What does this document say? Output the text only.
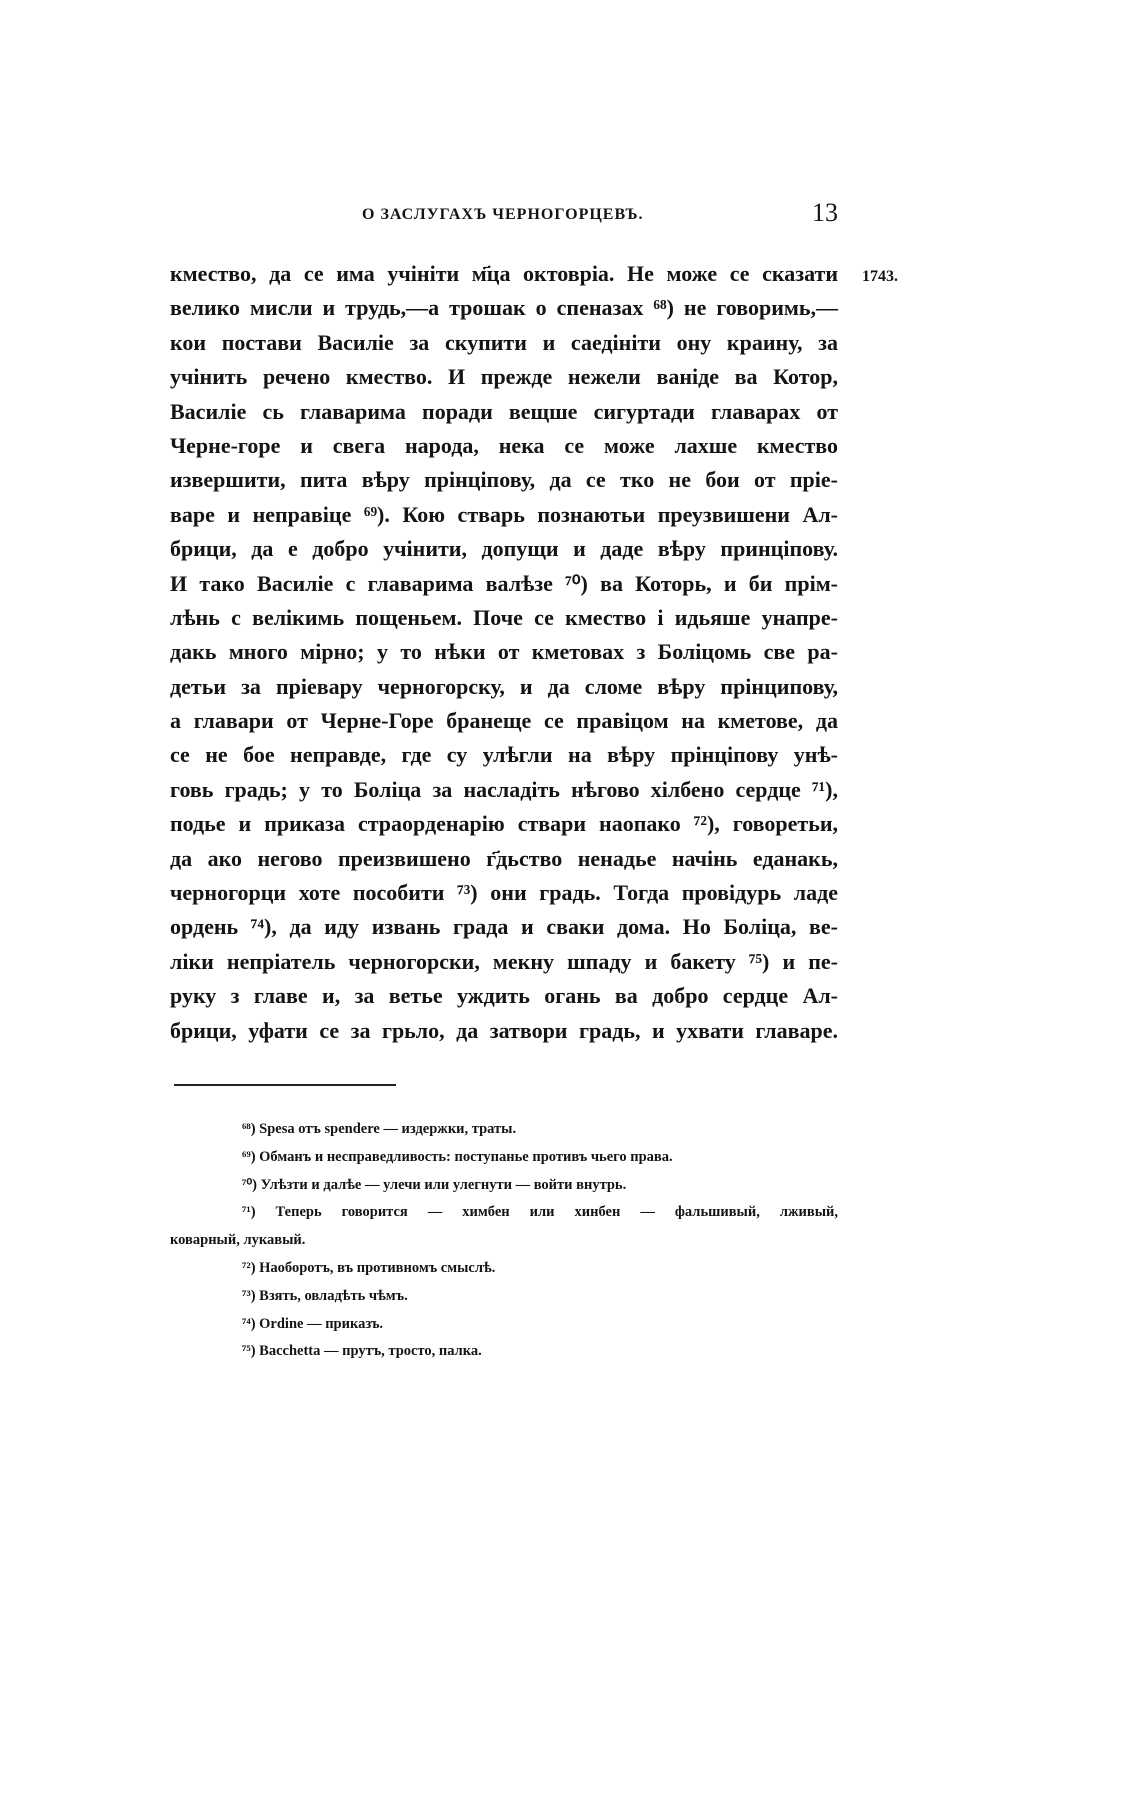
О ЗАСЛУГАХЪ ЧЕРНОГОРЦЕВЪ.	13
1743.
кмество, да се има учініти м҃ца октовріа. Не може се сказати
велико мисли и трудь,—а трошак о спеназах ⁶⁸) не говоримь,—
кои постави Василіе за скупити и саедініти ону краину, за
учінить речено кмество. И прежде нежели ваніде ва Котор,
Василіе сь главарима поради вещше сигуртади главарах от
Черне-горе и свега народа, нека се може лахше кмество
извершити, пита вѣру прінціпову, да се тко не бои от пріе-
варе и неправіце ⁶⁹). Кою стварь познаютьи преузвишени Ал-
брици, да е добро учінити, допущи и даде вѣру принціпову.
И тако Василіе с главарима валѣзе ⁷⁰) ва Которь, и би прім-
лѣнь с велікимь пощеньем. Поче се кмество і идьяше унапре-
дакь много мірно; у то нѣки от кметовах з Боліцомь све ра-
детьи за пріевару черногорску, и да сломе вѣру прінципову,
а главари от Черне-Горе бранеще се правіцом на кметове, да
се не бое неправде, где су улѣгли на вѣру прінціпову унѣ-
говь градь; у то Боліца за насладіть нѣгово хілбено сердце ⁷¹),
подье и приказа страорденарію ствари наопако ⁷²), говоретьи,
да ако негово преизвишено г҃дьство ненадье начінь еданакь,
черногорци хоте пособити ⁷³) они градь. Тогда провідурь ладе
ордень ⁷⁴), да иду извань града и сваки дома. Но Боліца, ве-
ліки непрiатель черногорски, мекну шпаду и бакету ⁷⁵) и пе-
руку з главе и, за ветье уждить огань ва добро сердце Ал-
брици, уфати се за грьло, да затвори градь, и ухвати главаре.
⁶⁸) Spesa отъ spendere — издержки, траты.
⁶⁹) Обманъ и несправедливость: поступанье противъ чьего права.
⁷⁰) Улѣзти и далѣе — улечи или улегнути — войти внутрь.
⁷¹) Теперь говорится — химбен или хинбен — фальшивый, лживый,
коварный, лукавый.
⁷²) Наоборотъ, въ противномъ смыслѣ.
⁷³) Взять, овладѣть чѣмъ.
⁷⁴) Ordine — приказъ.
⁷⁵) Bacchetta — прутъ, тросто, палка.
